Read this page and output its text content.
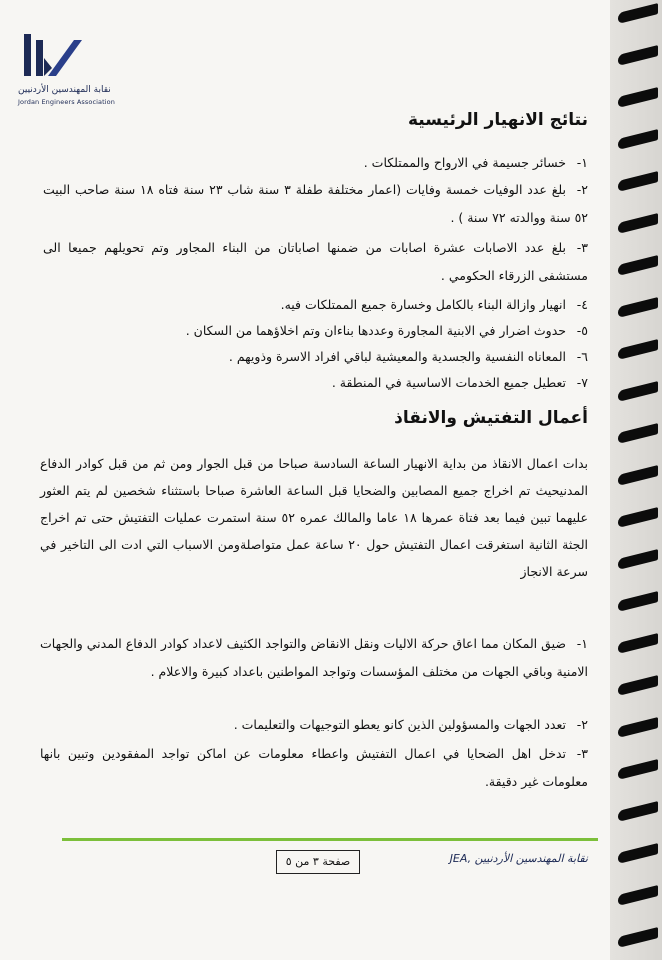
نقابة المهندسين الأردنيين
Jordan Engineers Association
نتائج الانهيار الرئيسية
١-خسائر جسيمة في الارواح والممتلكات .
٢-بلغ عدد الوفيات خمسة وفايات (اعمار مختلفة طفلة ٣ سنة شاب ٢٣ سنة فتاه ١٨ سنة صاحب البيت ٥٢ سنة ووالدته ٧٢ سنة ) .
٣-بلغ عدد الاصابات عشرة اصابات من ضمنها اصاباتان من البناء المجاور وتم تحويلهم جميعا الى مستشفى الزرقاء الحكومي .
٤-انهيار وازالة البناء بالكامل وخسارة جميع الممتلكات فيه.
٥-حدوث اضرار في الابنية المجاورة وعددها بناءان وتم اخلاؤهما من السكان .
٦-المعاناه النفسية والجسدية والمعيشية لباقي افراد الاسرة وذويهم .
٧-تعطيل جميع الخدمات الاساسية في المنطقة .
أعمال التفتيش والانقاذ
بدات اعمال الانقاذ من بداية الانهيار الساعة السادسة صباحا من قبل الجوار ومن ثم من قبل كوادر الدفاع المدنيحيث تم اخراج جميع المصابين والضحايا قبل الساعة العاشرة صباحا باستثناء شخصين لم يتم العثور عليهما تبين فيما بعد فتاة عمرها ١٨ عاما والمالك عمره ٥٢ سنة استمرت عمليات التفتيش حتى تم اخراج الجثة الثانية استغرقت اعمال التفتيش حول ٢٠ ساعة عمل متواصلةومن الاسباب التي ادت الى التاخير في سرعة الانجاز
١-ضيق المكان مما اعاق حركة الاليات ونقل الانقاض والتواجد الكثيف لاعداد كوادر الدفاع المدني والجهات الامنية وباقي الجهات من مختلف المؤسسات وتواجد المواطنين باعداد كبيرة والاعلام .
٢-تعدد الجهات والمسؤولين الذين كانو يعطو التوجيهات والتعليمات .
٣-تدخل اهل الضحايا في اعمال التفتيش واعطاء معلومات عن اماكن تواجد المفقودين وتبين بانها معلومات غير دقيقة.
JEA, نقابة المهندسين الأردنيين
صفحة ٣ من ٥
